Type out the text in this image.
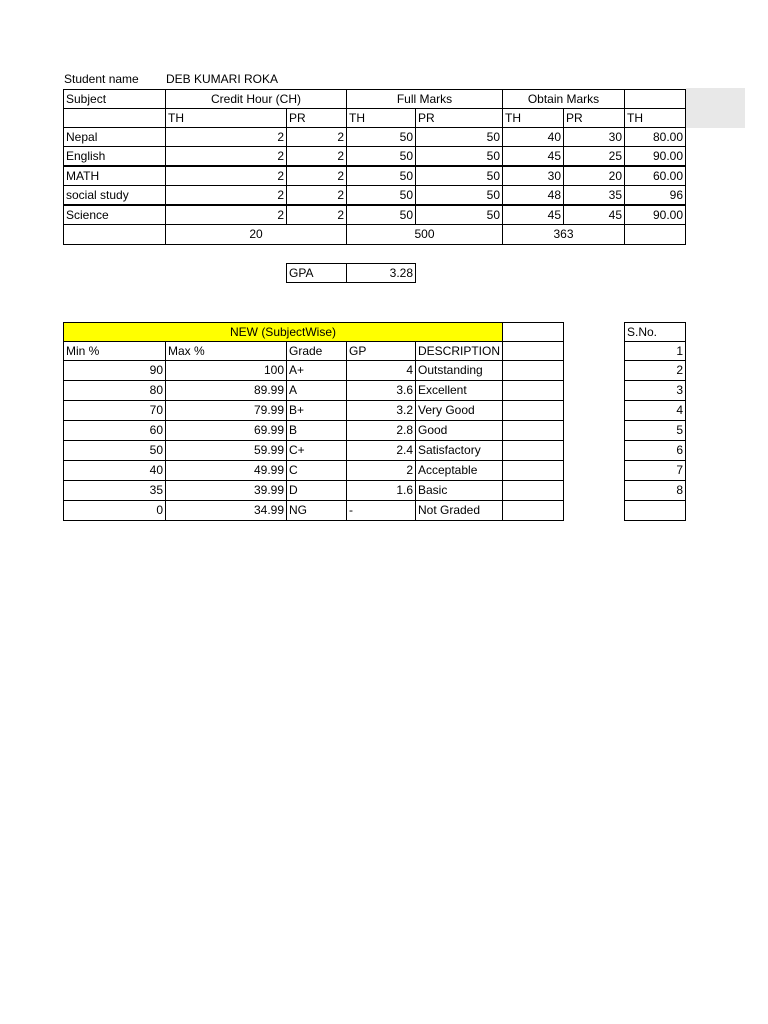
Student name DEB KUMARI ROKA
Subject	Credit Hour (CH)	Full Marks	Obtain Marks
TH	PR	TH	PR	TH	PR	TH
Nepal	2	2	50	50	40	30	80.00
English	2	2	50	50	45	25	90.00
MATH	2	2	50	50	30	20	60.00
social study	2	2	50	50	48	35	96
Science	2	2	50	50	45	45	90.00
20	500	363
GPA	3.28
NEW (SubjectWise)
Min %	Max %	Grade	GP	DESCRIPTION
90	100 A+	4 Outstanding
80	89.99 A	3.6 Excellent
70	79.99 B+	3.2 Very Good
60	69.99 B	2.8 Good
50	59.99 C+	2.4 Satisfactory
40	49.99 C	2 Acceptable
35	39.99 D	1.6 Basic
0	34.99 NG	-	Not Graded
S.No.
1
2
3
4
5
6
7
8
